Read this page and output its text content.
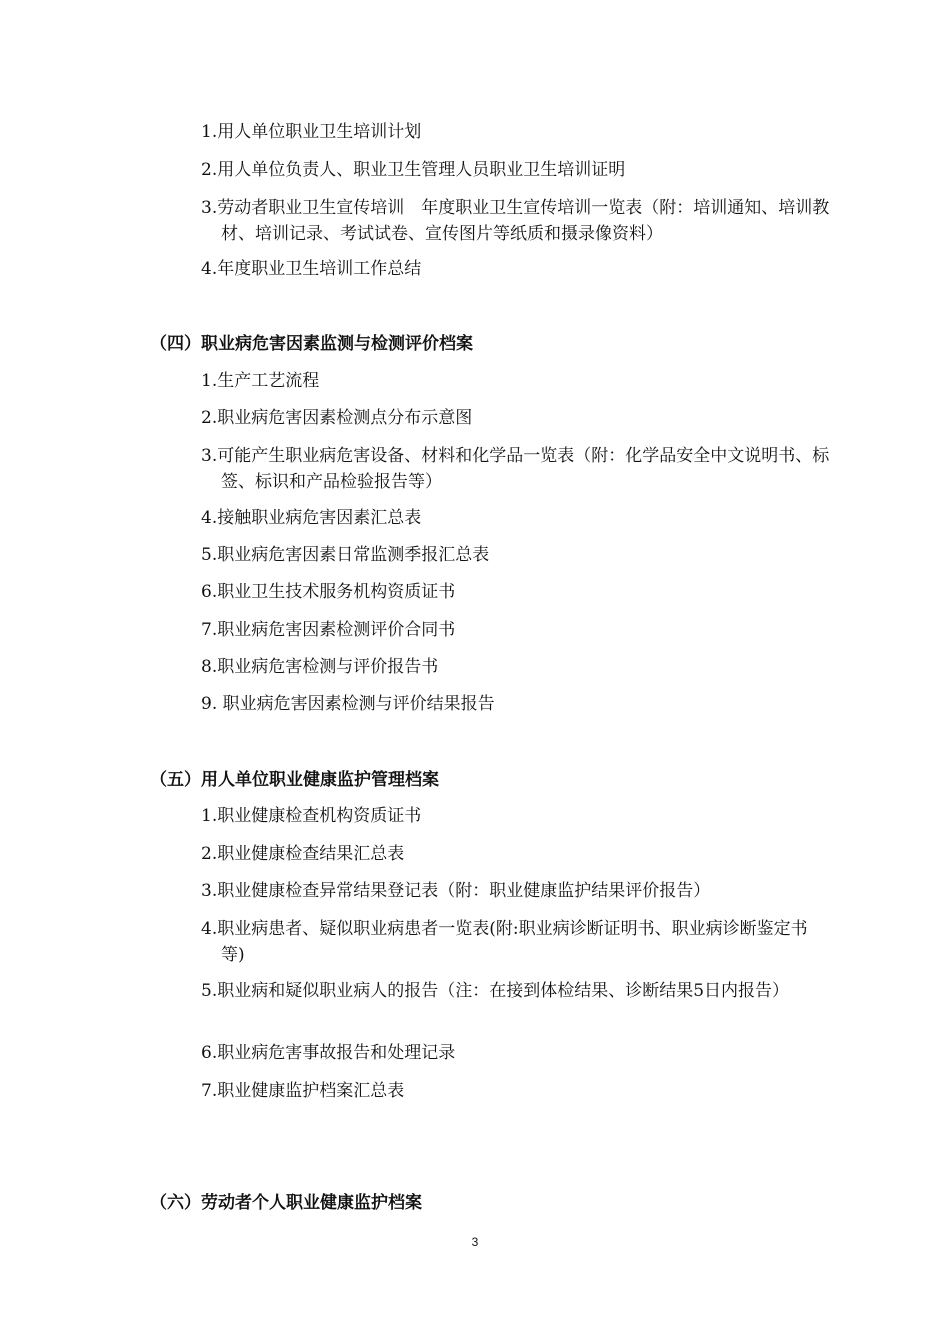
1.用人单位职业卫生培训计划
2.用人单位负责人、职业卫生管理人员职业卫生培训证明
3.劳动者职业卫生宣传培训　年度职业卫生宣传培训一览表（附：培训通知、培训教材、培训记录、考试试卷、宣传图片等纸质和摄录像资料）
4.年度职业卫生培训工作总结
（四）职业病危害因素监测与检测评价档案
1.生产工艺流程
2.职业病危害因素检测点分布示意图
3.可能产生职业病危害设备、材料和化学品一览表（附：化学品安全中文说明书、标签、标识和产品检验报告等）
4.接触职业病危害因素汇总表
5.职业病危害因素日常监测季报汇总表
6.职业卫生技术服务机构资质证书
7.职业病危害因素检测评价合同书
8.职业病危害检测与评价报告书
9. 职业病危害因素检测与评价结果报告
（五）用人单位职业健康监护管理档案
1.职业健康检查机构资质证书
2.职业健康检查结果汇总表
3.职业健康检查异常结果登记表（附：职业健康监护结果评价报告）
4.职业病患者、疑似职业病患者一览表(附:职业病诊断证明书、职业病诊断鉴定书等)
5.职业病和疑似职业病人的报告（注：在接到体检结果、诊断结果5日内报告）
6.职业病危害事故报告和处理记录
7.职业健康监护档案汇总表
（六）劳动者个人职业健康监护档案
3
